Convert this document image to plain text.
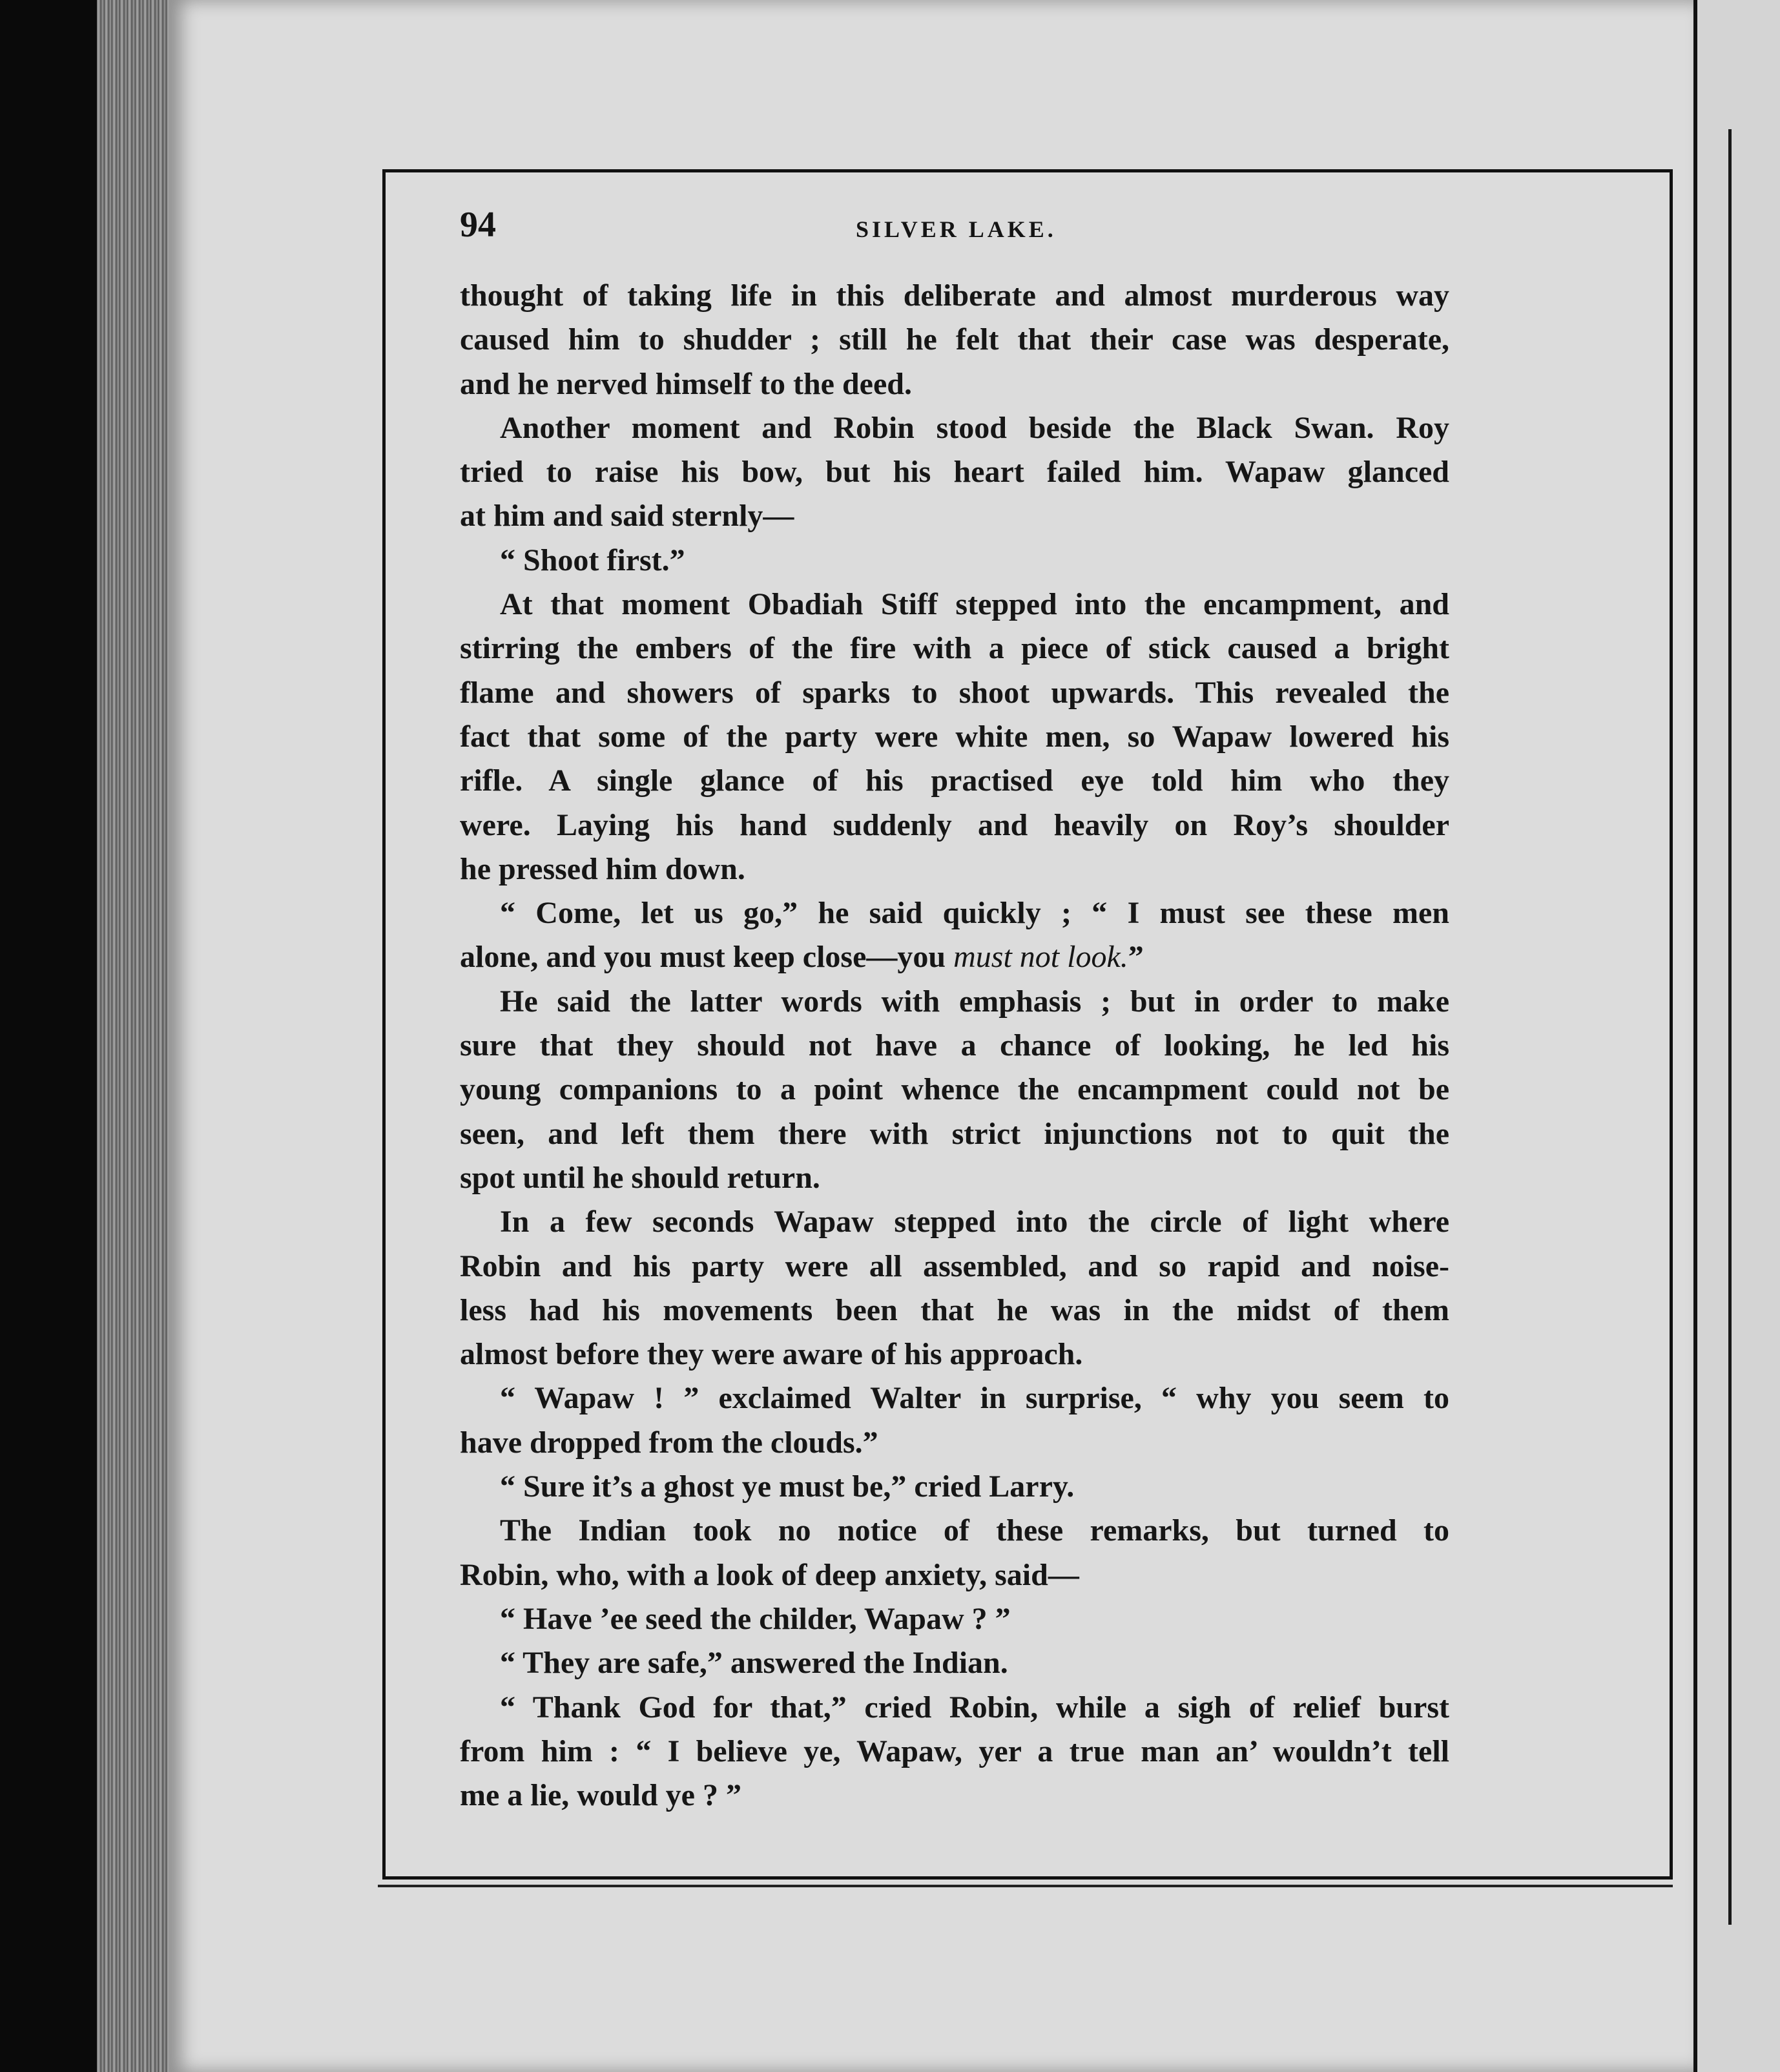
94	SILVER LAKE.
thought of taking life in this deliberate and almost murderous way
caused him to shudder ; still he felt that their case was desperate,
and he nerved himself to the deed.
Another moment and Robin stood beside the Black Swan. Roy
tried to raise his bow, but his heart failed him. Wapaw glanced
at him and said sternly—
“ Shoot first.”
At that moment Obadiah Stiff stepped into the encampment, and
stirring the embers of the fire with a piece of stick caused a bright
flame and showers of sparks to shoot upwards. This revealed the
fact that some of the party were white men, so Wapaw lowered his
rifle. A single glance of his practised eye told him who they
were. Laying his hand suddenly and heavily on Roy’s shoulder
he pressed him down.
“ Come, let us go,” he said quickly ; “ I must see these men
alone, and you must keep close—you must not look.”
He said the latter words with emphasis ; but in order to make
sure that they should not have a chance of looking, he led his
young companions to a point whence the encampment could not be
seen, and left them there with strict injunctions not to quit the
spot until he should return.
In a few seconds Wapaw stepped into the circle of light where
Robin and his party were all assembled, and so rapid and noise-
less had his movements been that he was in the midst of them
almost before they were aware of his approach.
“ Wapaw ! ” exclaimed Walter in surprise, “ why you seem to
have dropped from the clouds.”
“ Sure it’s a ghost ye must be,” cried Larry.
The Indian took no notice of these remarks, but turned to
Robin, who, with a look of deep anxiety, said—
“ Have ’ee seed the childer, Wapaw ? ”
“ They are safe,” answered the Indian.
“ Thank God for that,” cried Robin, while a sigh of relief burst
from him : “ I believe ye, Wapaw, yer a true man an’ wouldn’t tell
me a lie, would ye ? ”
